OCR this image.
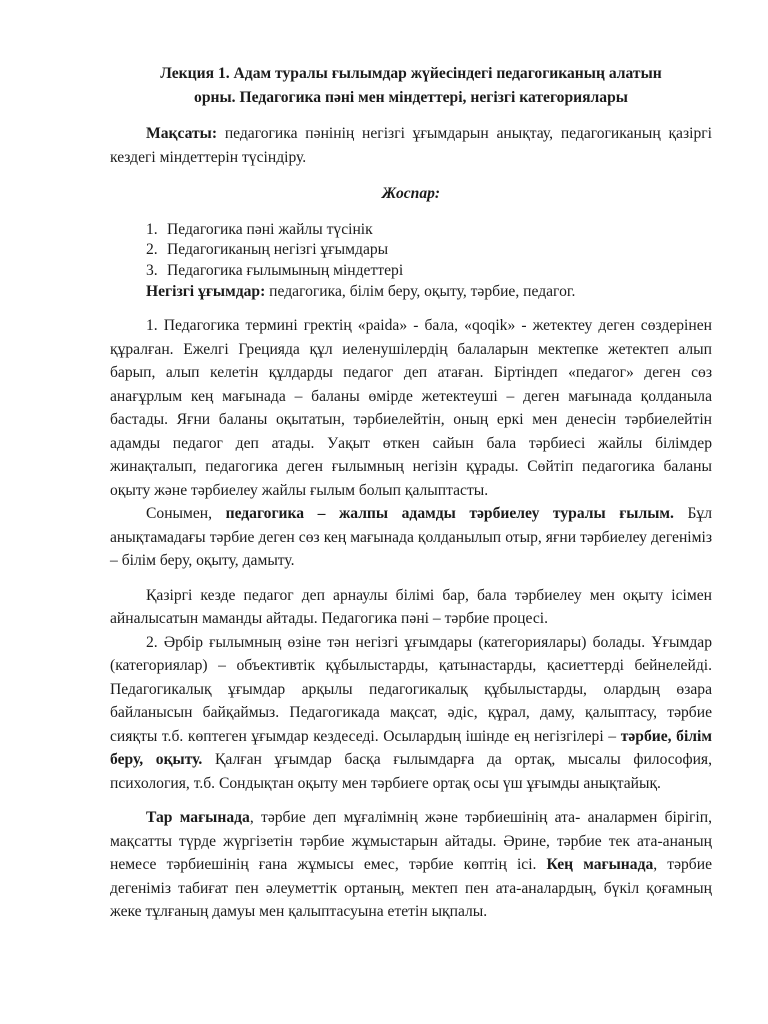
Лекция 1. Адам туралы ғылымдар жүйесіндегі педагогиканың алатын
орны. Педагогика пәні мен міндеттері, негізгі категориялары

Мақсаты: педагогика пәнінің негізгі ұғымдарын анықтау, педагогиканың қазіргі кездегі міндеттерін түсіндіру.

Жоспар:
1. Педагогика пәні жайлы түсінік
2. Педагогиканың негізгі ұғымдары
3. Педагогика ғылымының міндеттері

Негізгі ұғымдар: педагогика, білім беру, оқыту, тәрбие, педагог.

1. Педагогика термині гректің «paida» - бала, «qoqik» - жетектеу деген сөздерінен құралған. Ежелгі Грецияда құл иеленушілердің балаларын мектепке жетектеп алып барып, алып келетін құлдарды педагог деп атаған. Біртіндеп «педагог» деген сөз анағұрлым кең мағынада – баланы өмірде жетектеуші – деген мағынада қолданыла бастады. Яғни баланы оқытатын, тәрбиелейтін, оның еркі мен денесін тәрбиелейтін адамды педагог деп атады. Уақыт өткен сайын бала тәрбиесі жайлы білімдер жинақталып, педагогика деген ғылымның негізін құрады. Сөйтіп педагогика баланы оқыту және тәрбиелеу жайлы ғылым болып қалыптасты.

Сонымен, педагогика – жалпы адамды тәрбиелеу туралы ғылым. Бұл анықтамадағы тәрбие деген сөз кең мағынада қолданылып отыр, яғни тәрбиелеу дегеніміз – білім беру, оқыту, дамыту.

Қазіргі кезде педагог деп арнаулы білімі бар, бала тәрбиелеу мен оқыту ісімен айналысатын маманды айтады. Педагогика пәні – тәрбие процесі.

2. Әрбір ғылымның өзіне тән негізгі ұғымдары (категориялары) болады. Ұғымдар (категориялар) – объективтік құбылыстарды, қатынастарды, қасиеттерді бейнелейді. Педагогикалық ұғымдар арқылы педагогикалық құбылыстарды, олардың өзара байланысын байқаймыз. Педагогикада мақсат, әдіс, құрал, даму, қалыптасу, тәрбие сияқты т.б. көптеген ұғымдар кездеседі. Осылардың ішінде ең негізгілері – тәрбие, білім беру, оқыту. Қалған ұғымдар басқа ғылымдарға да ортақ, мысалы философия, психология, т.б. Сондықтан оқыту мен тәрбиеге ортақ осы үш ұғымды анықтайық.

Тар мағынада, тәрбие деп мұғалімнің және тәрбиешінің ата- аналармен бірігіп, мақсатты түрде жүргізетін тәрбие жұмыстарын айтады. Әрине, тәрбие тек ата-ананың немесе тәрбиешінің ғана жұмысы емес, тәрбие көптің ісі. Кең мағынада, тәрбие дегеніміз табиғат пен әлеуметтік ортаның, мектеп пен ата-аналардың, бүкіл қоғамның жеке тұлғаның дамуы мен қалыптасуына ететін ықпалы.
